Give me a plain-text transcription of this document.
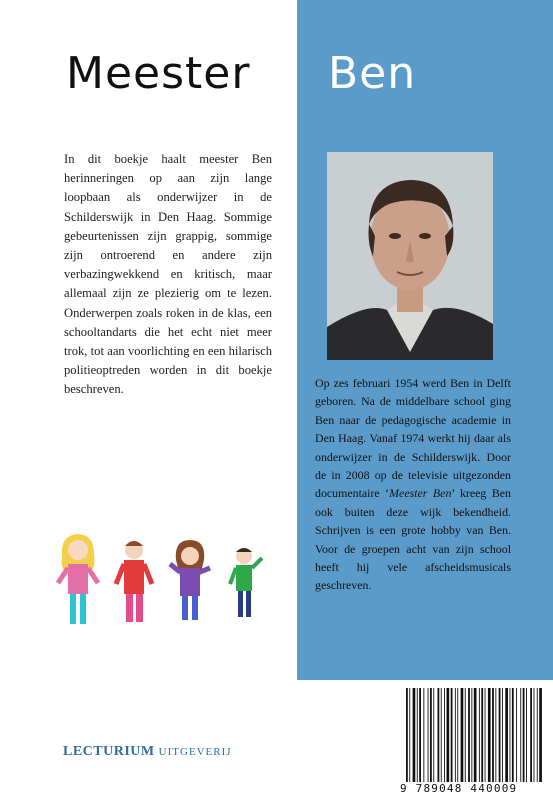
Meester Ben

In dit boekje haalt meester Ben herinneringen op aan zijn lange loopbaan als onderwijzer in de Schilderswijk in Den Haag. Sommige gebeurtenissen zijn grappig, sommige zijn ontroerend en andere zijn verbazingwekkend en kritisch, maar allemaal zijn ze plezierig om te lezen. Onderwerpen zoals roken in de klas, een schooltandarts die het echt niet meer trok, tot aan voorlichting en een hilarisch politieoptreden worden in dit boekje beschreven.	Op zes februari 1954 werd Ben in Delft geboren. Na de middelbare school ging Ben naar de pedagogische academie in Den Haag. Vanaf 1974 werkt hij daar als onderwijzer in de Schilderswijk. Door de in 2008 op de televisie uitgezonden documentaire ‘Meester Ben’ kreeg Ben ook buiten deze wijk bekendheid. Schrijven is een grote hobby van Ben. Voor de groepen acht van zijn school heeft hij vele afscheidsmusicals geschreven.

LECTURIUM UITGEVERIJ
9 789048 440009
